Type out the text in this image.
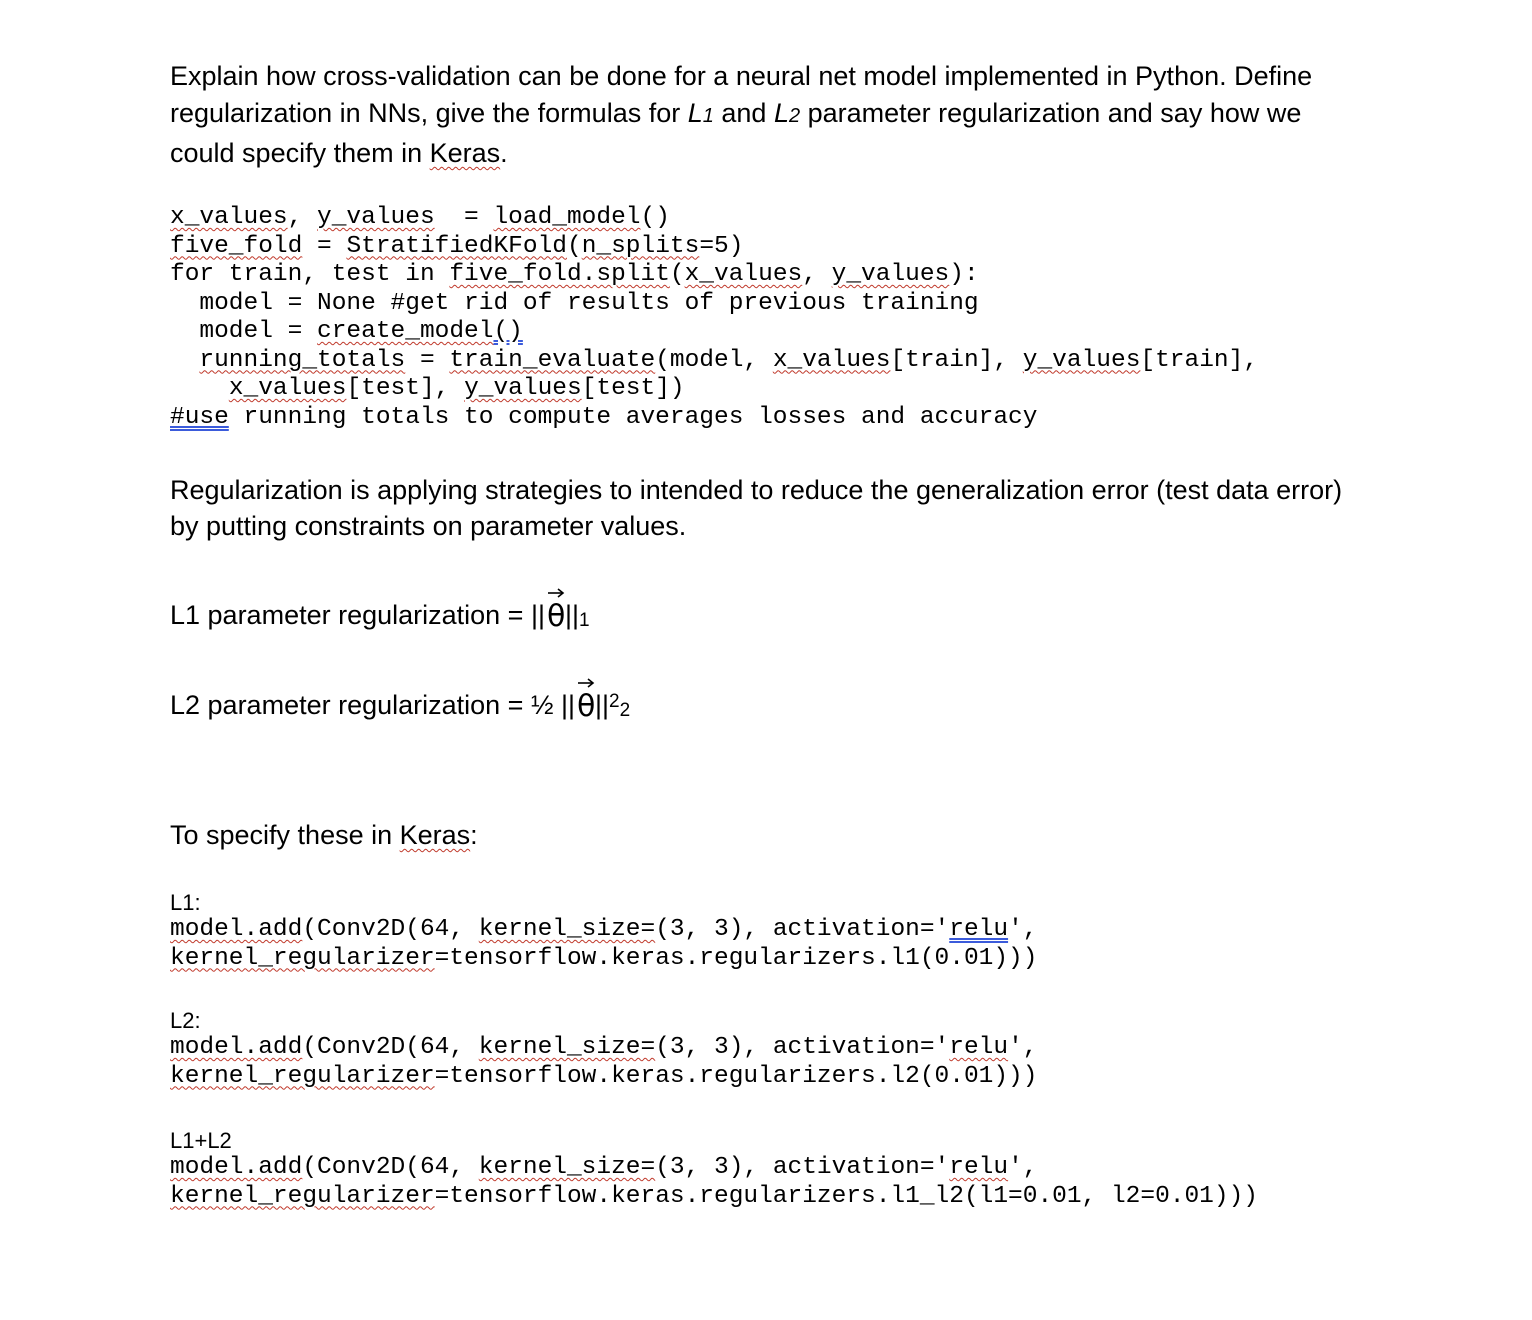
Explain how cross-validation can be done for a neural net model implemented in Python. Define regularization in NNs, give the formulas for L1 and L2 parameter regularization and say how we could specify them in Keras.

x_values, y_values  = load_model()
five_fold = StratifiedKFold(n_splits=5)
for train, test in five_fold.split(x_values, y_values):
model = None #get rid of results of previous training
model = create_model()
running_totals = train_evaluate(model, x_values[train], y_values[train],
x_values[test], y_values[test])
#use running totals to compute averages losses and accuracy

Regularization is applying strategies to intended to reduce the generalization error (test data error) by putting constraints on parameter values.

L1 parameter regularization = || θ ||1
L2 parameter regularization = ½ || θ $||^22$

To specify these in Keras:

L1:

model.add(Conv2D(64, kernel_size=(3, 3), activation='relu',
kernel_regularizer=tensorflow.keras.regularizers.l1(0.01)))

L2:

model.add(Conv2D(64, kernel_size=(3, 3), activation='relu',
kernel_regularizer=tensorflow.keras.regularizers.l2(0.01)))

L1+L2

model.add(Conv2D(64, kernel_size=(3, 3), activation='relu',
kernel_regularizer=tensorflow.keras.regularizers.l1_l2(l1=0.01, l2=0.01)))
